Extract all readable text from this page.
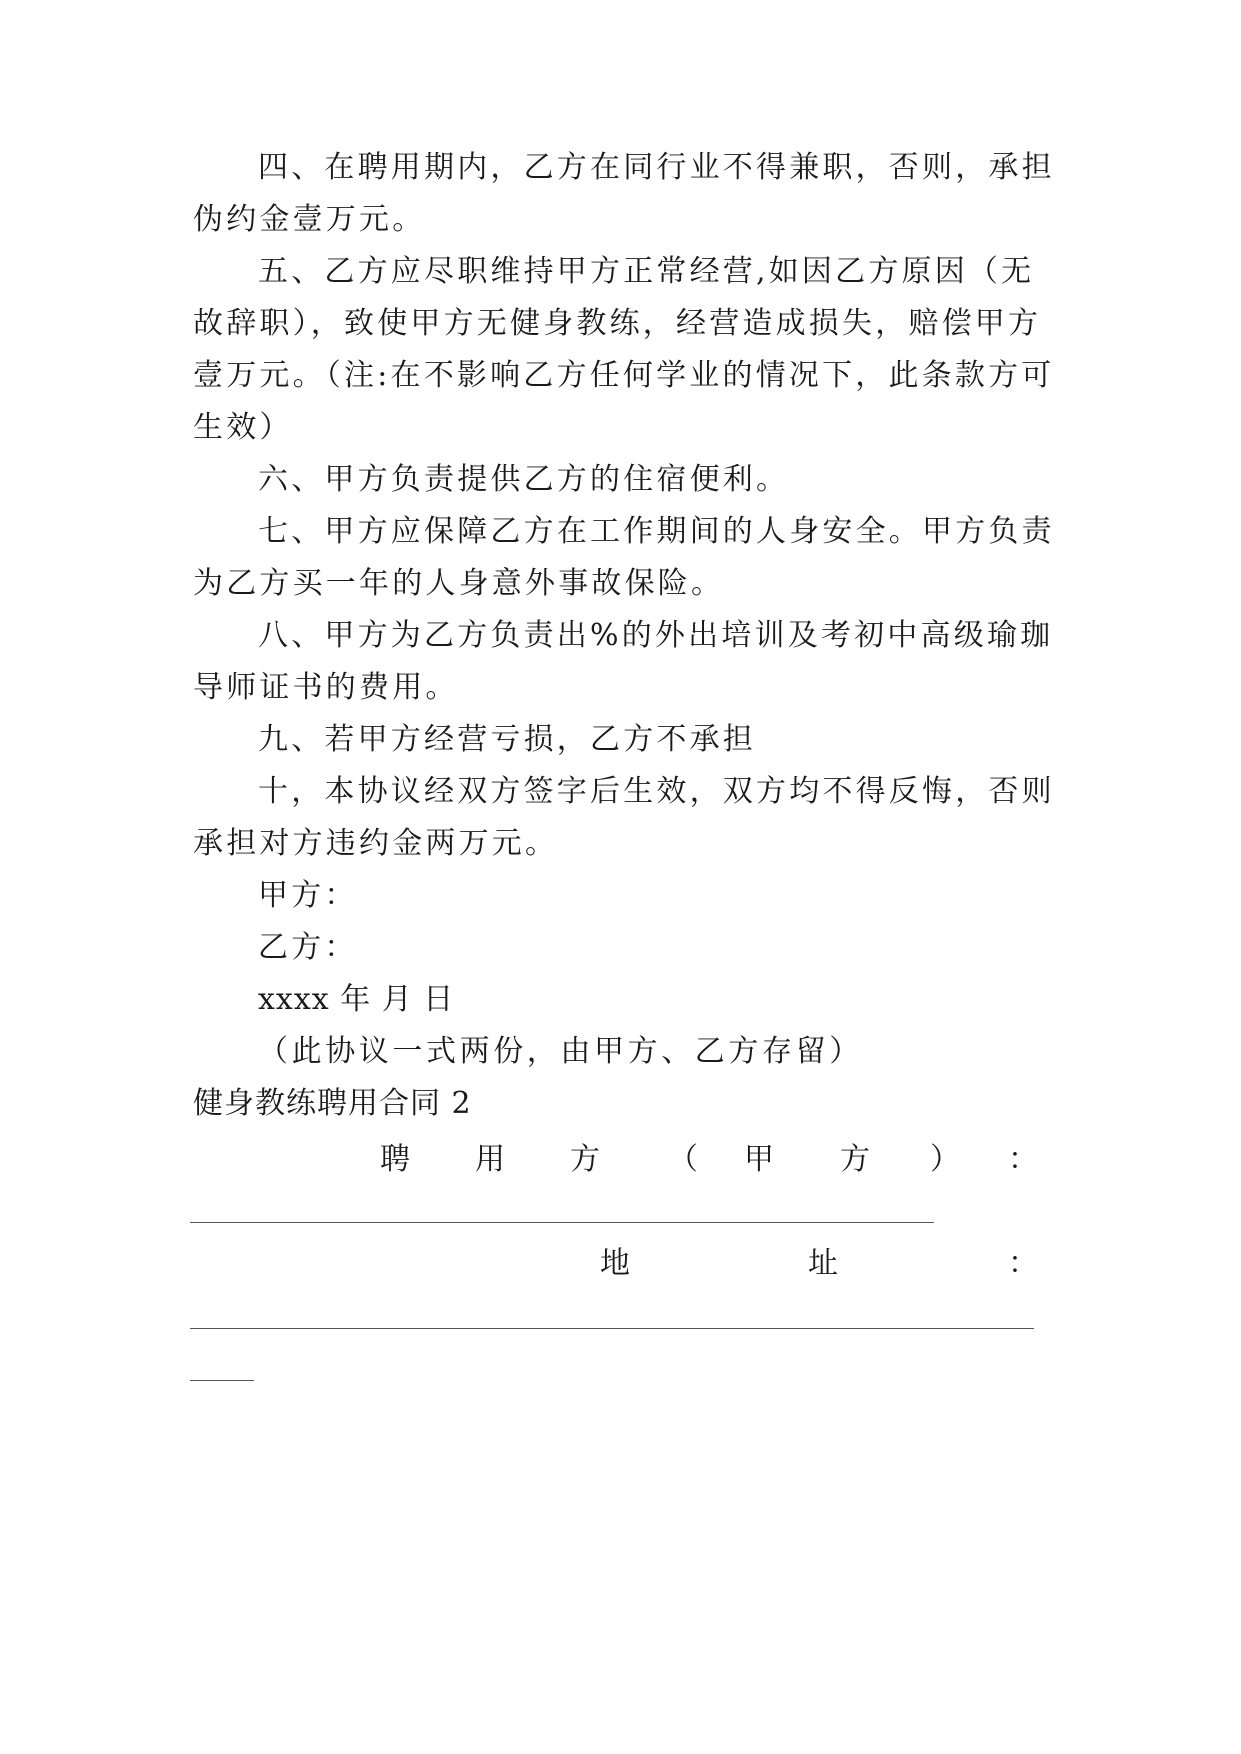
四、在聘用期内，乙方在同行业不得兼职，否则，承担
伪约金壹万元。
五、乙方应尽职维持甲方正常经营,如因乙方原因（无
故辞职），致使甲方无健身教练，经营造成损失，赔偿甲方
壹万元。（注:在不影响乙方任何学业的情况下，此条款方可
生效）
六、甲方负责提供乙方的住宿便利。
七、甲方应保障乙方在工作期间的人身安全。甲方负责
为乙方买一年的人身意外事故保险。
八、甲方为乙方负责出%的外出培训及考初中高级瑜珈
导师证书的费用。
九、若甲方经营亏损，乙方不承担
十，本协议经双方签字后生效，双方均不得反悔，否则
承担对方违约金两万元。
甲方：
乙方：
xxxx 年 月 日
（此协议一式两份，由甲方、乙方存留）
健身教练聘用合同 2
聘 用 方 （ 甲 方 ） ：
地	址	：
